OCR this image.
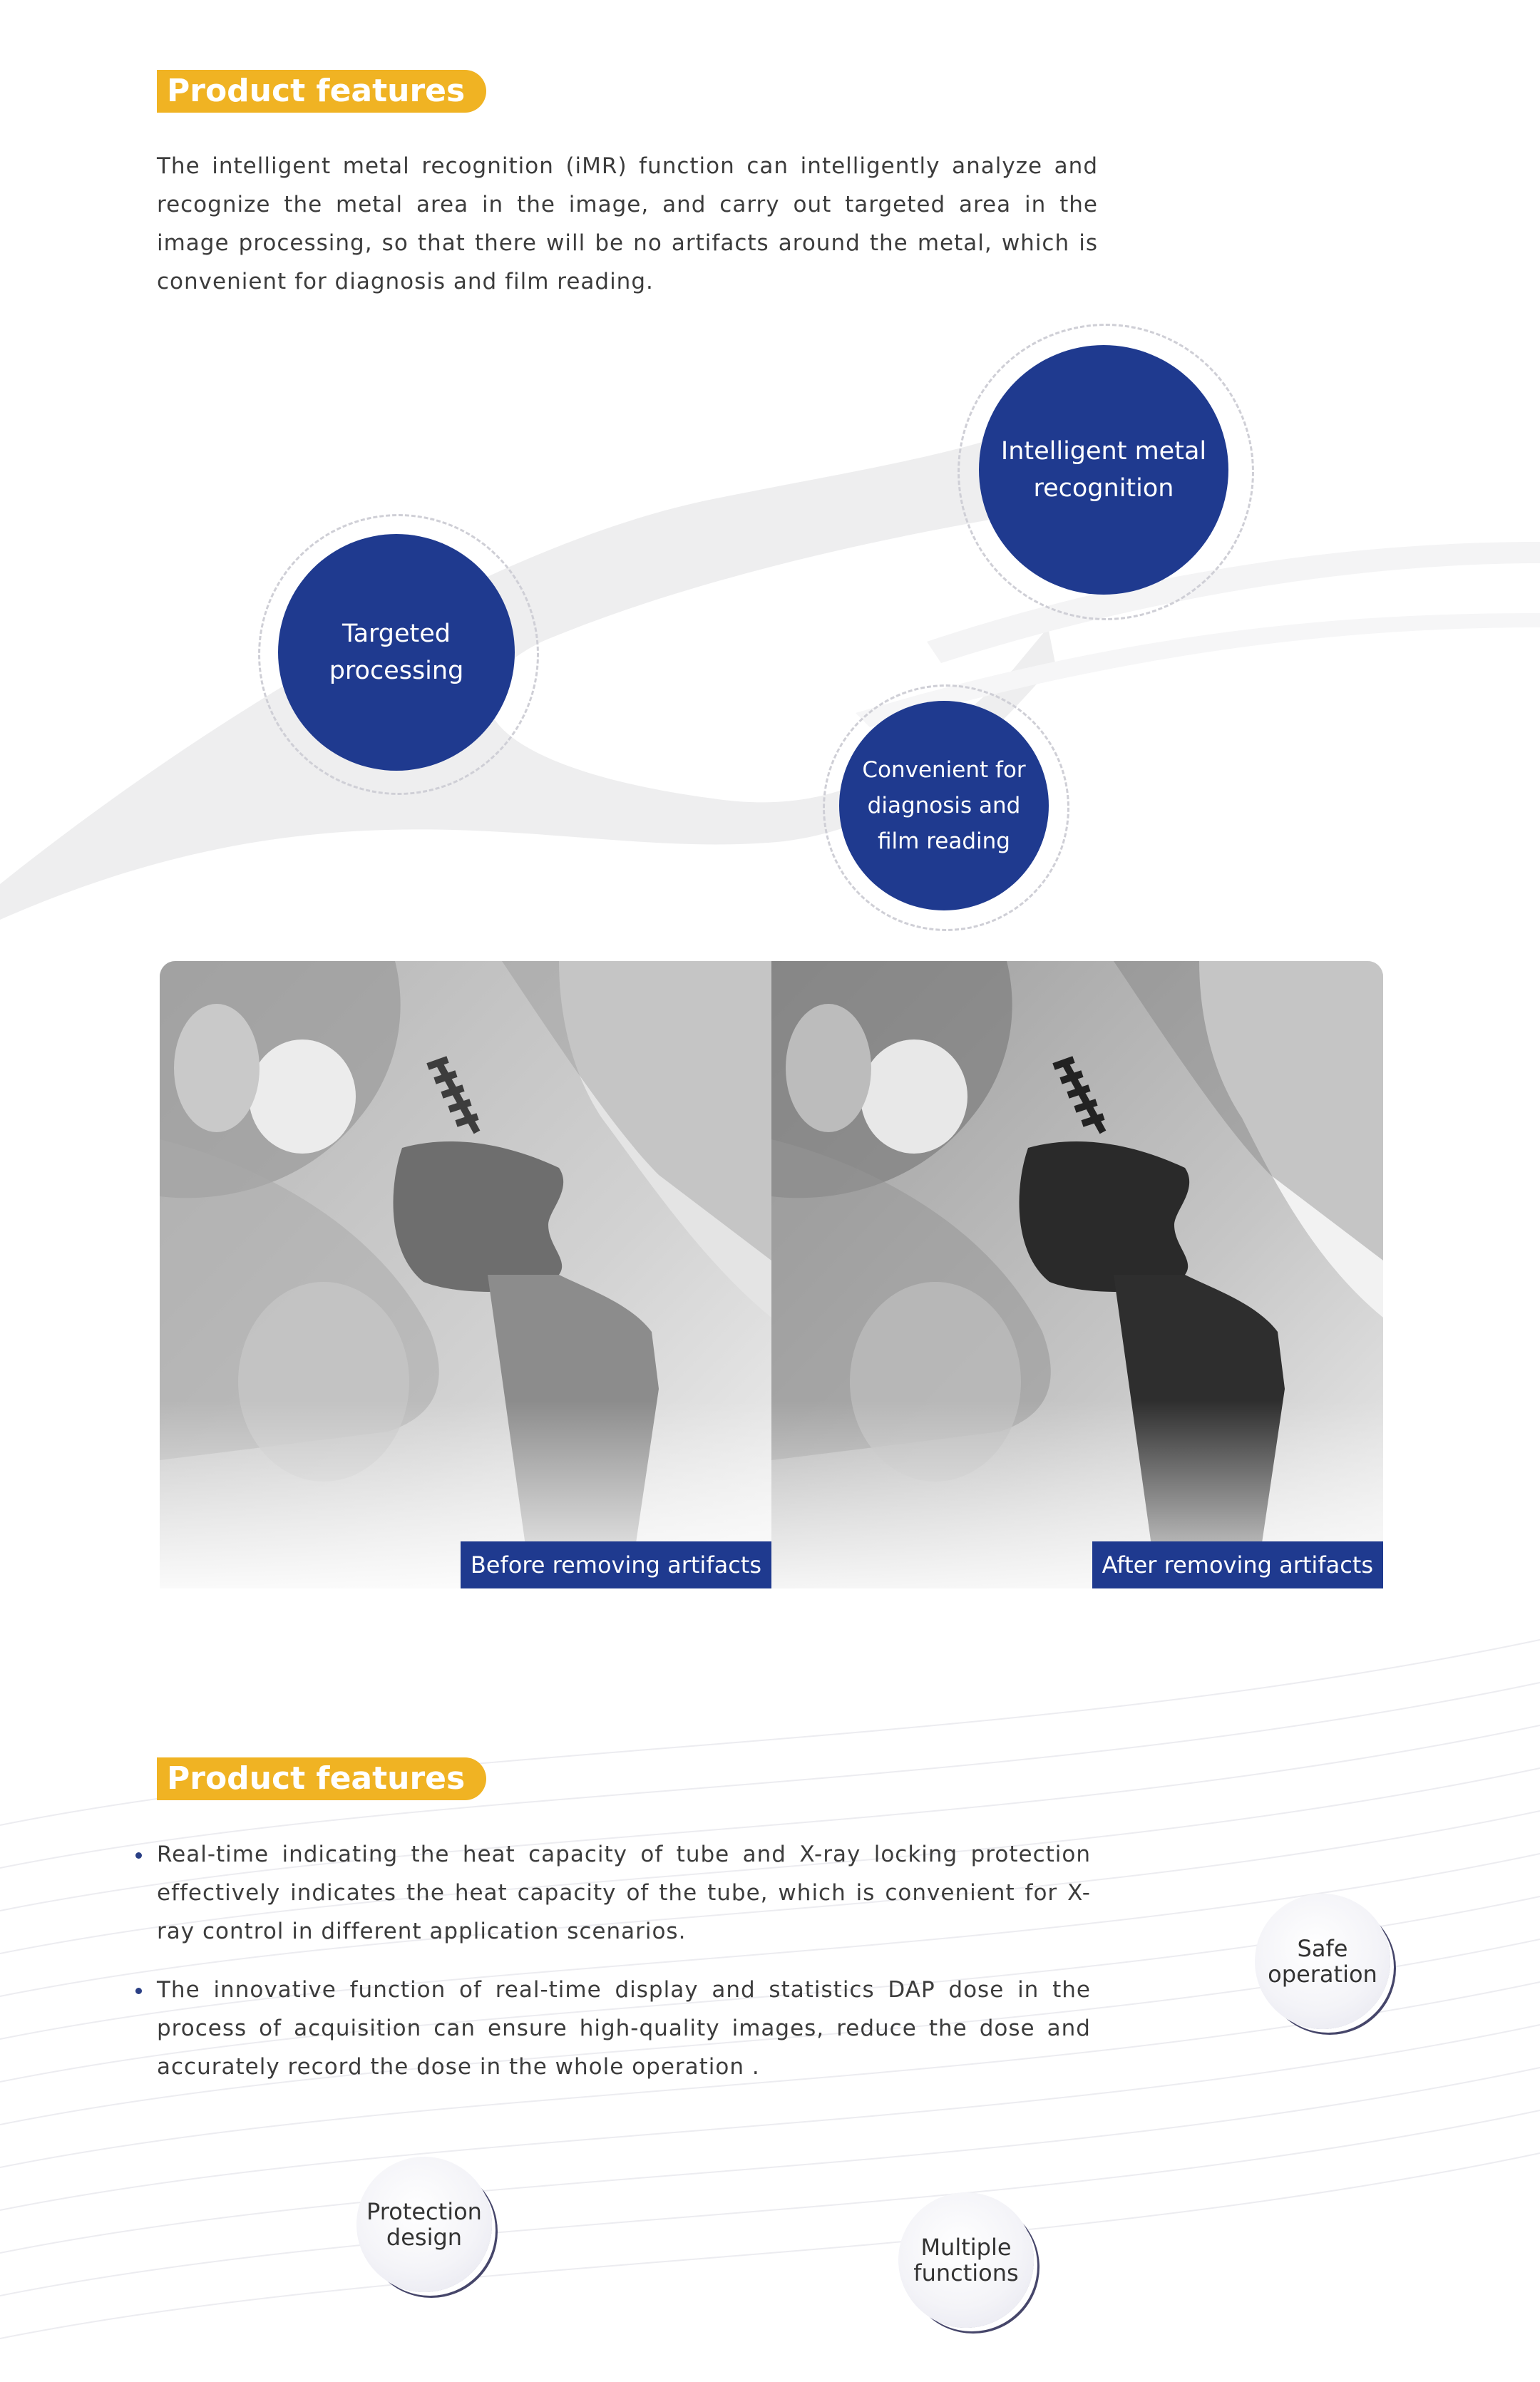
Product features

The intelligent metal recognition (iMR) function can intelligently analyze and recognize the metal area in the image, and carry out targeted area in the image processing, so that there will be no artifacts around the metal, which is convenient for diagnosis and film reading.

Intelligent metal
recognition
Targeted
processing
Convenient for
diagnosis and
film reading
Before removing artifacts	After removing artifacts
Product features
Real-time indicating the heat capacity of tube and X-ray locking protection effectively indicates the heat capacity of the tube, which is convenient for X-ray control in different application scenarios.
The innovative function of real-time display and statistics DAP dose in the process of acquisition can ensure high-quality images, reduce the dose and accurately record the dose in the whole operation .
Safe
operation
Protection
design	Multiple
functions
